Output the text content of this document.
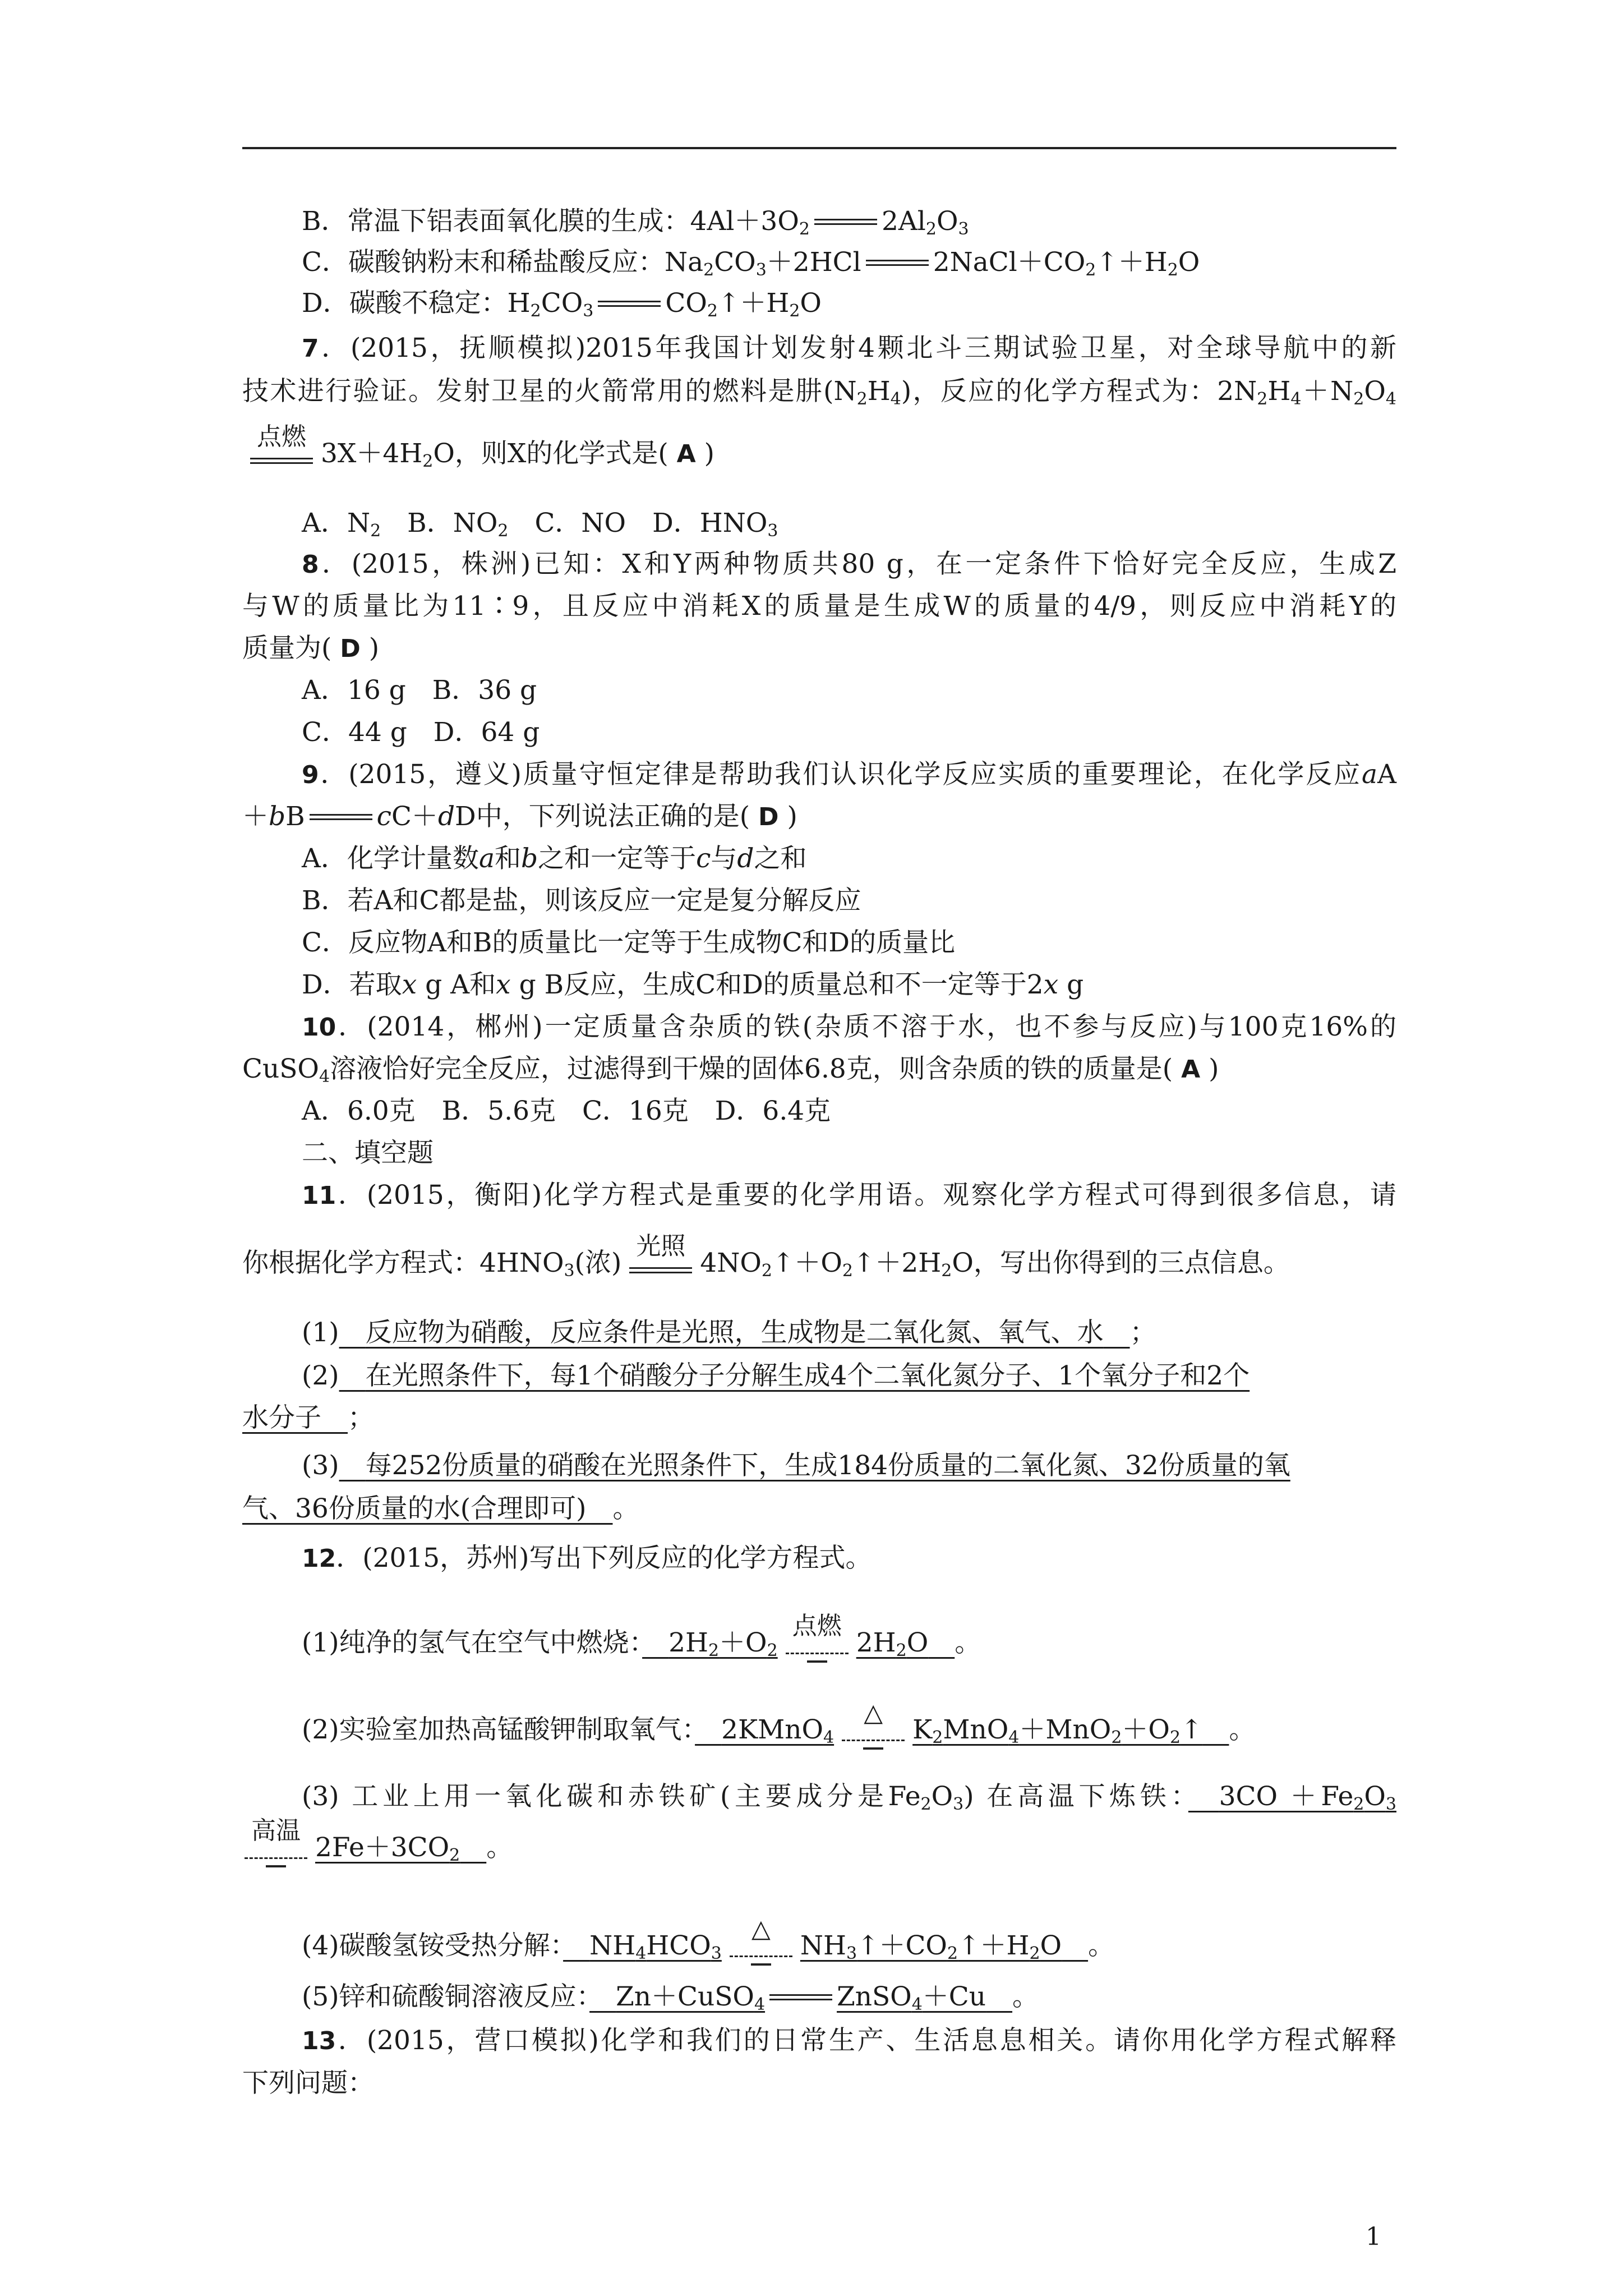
B．常温下铝表面氧化膜的生成：$4Al+3O_2$	$2Al_2O_3$
C．碳酸钠粉末和稀盐酸反应：$Na_2CO_3+2HCl$	$2NaCl+CO_2↑+H_2O$
D．碳酸不稳定：$H_2CO_3$	$CO_2↑+H_2O$
7．(2015，抚顺模拟)2015年我国计划发射4颗北斗三期试验卫星，对全球导航中的新
技术进行验证。发射卫星的火箭常用的燃料是肼$(N_2H_4)$，反应的化学方程式为：$2N_2H_4+N_2O_4$
点燃
$3X+4H_2O$，则X的化学式是( A )
A．$N_2$　B．$NO_2$　C．NO　D．$HNO_3$
8．(2015，株洲)已知：X和Y两种物质共80 g，在一定条件下恰好完全反应，生成Z
与W的质量比为11∶9，且反应中消耗X的质量是生成W的质量的4/9，则反应中消耗Y的
质量为( D )
A．16 g　B．36 g
C．44 g　D．64 g
9．(2015，遵义)质量守恒定律是帮助我们认识化学反应实质的重要理论，在化学反应aA
＋bB	cC＋dD中，下列说法正确的是( D )
A．化学计量数a和b之和一定等于c与d之和
B．若A和C都是盐，则该反应一定是复分解反应
C．反应物A和B的质量比一定等于生成物C和D的质量比
D．若取x g A和x g B反应，生成C和D的质量总和不一定等于2x g
10．(2014，郴州)一定质量含杂质的铁(杂质不溶于水，也不参与反应)与100克16%的
CuSO$_4$溶液恰好完全反应，过滤得到干燥的固体6.8克，则含杂质的铁的质量是( A )
A．6.0克　B．5.6克　C．16克　D．6.4克
二、填空题
11．(2015，衡阳)化学方程式是重要的化学用语。观察化学方程式可得到很多信息，请
你根据化学方程式：$4HNO_3$(浓)
光照
$4NO_2↑+O_2↑+2H_2O$，写出你得到的三点信息。
(1)　 反应物为硝酸，反应条件是光照，生成物是二氧化氮、氧气、水　 ；
(2)　 在光照条件下，每1个硝酸分子分解生成4个二氧化氮分子、1个氧分子和2个
水分子　 ；
(3)　 每252份质量的硝酸在光照条件下，生成184份质量的二氧化氮、32份质量的氧
气、36份质量的水(合理即可)　 。
12．(2015，苏州)写出下列反应的化学方程式。
(1)纯净的氢气在空气中燃烧：　 $2H_2+O_2$
点燃
$2H_2O$　 。
(2)实验室加热高锰酸钾制取氧气：　 2KMnO$_4$
△
$K_2MnO_4+MnO_2+O_2↑$　 。
(3) 工业上用一氧化碳和赤铁矿(主要成分是$Fe_2O_3$) 在高温下炼铁：　 $3CO +Fe_2O_3$
高温
$2Fe+3CO_2$　 。
(4)碳酸氢铵受热分解：　 $NH_4HCO_3$
△
$NH_3↑+CO_2↑+H_2O$　 。
(5)锌和硫酸铜溶液反应：　 Zn＋CuSO$_4$	ZnSO$_4$＋Cu　 。
13．(2015，营口模拟)化学和我们的日常生产、生活息息相关。请你用化学方程式解释
下列问题：
1
